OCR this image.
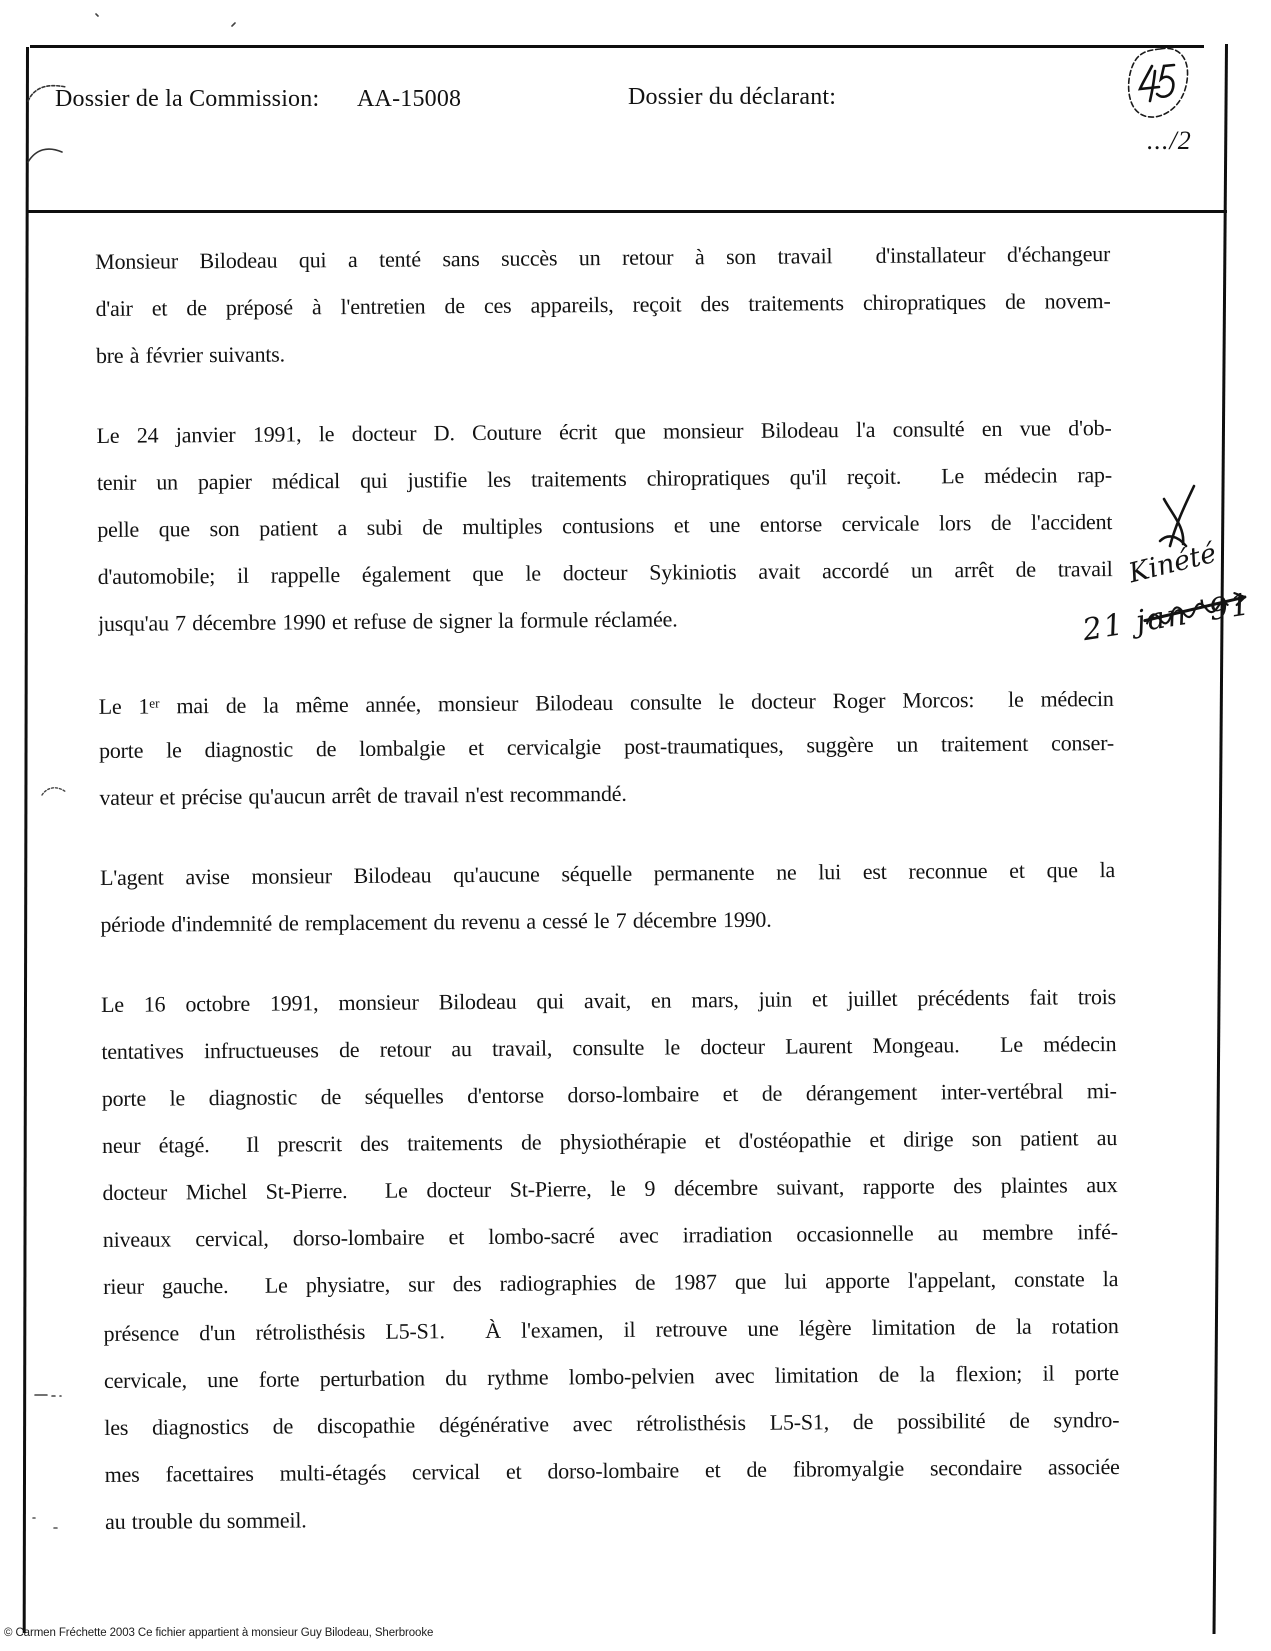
Dossier de la Commission: AA-15008	Dossier du déclarant:
.../2
Monsieur Bilodeau qui a tenté sans succès un retour à son travail  d'installateur d'échangeur
d'air et de préposé à l'entretien de ces appareils, reçoit des traitements chiropratiques de novem-
bre à février suivants.
Le 24 janvier 1991, le docteur D. Couture écrit que monsieur Bilodeau l'a consulté en vue d'ob-
tenir un papier médical qui justifie les traitements chiropratiques qu'il reçoit.  Le médecin rap-
pelle que son patient a subi de multiples contusions et une entorse cervicale lors de l'accident
d'automobile; il rappelle également que le docteur Sykiniotis avait accordé un arrêt de travail
jusqu'au 7 décembre 1990 et refuse de signer la formule réclamée.
Le 1er mai de la même année, monsieur Bilodeau consulte le docteur Roger Morcos:  le médecin
porte le diagnostic de lombalgie et cervicalgie post-traumatiques, suggère un traitement conser-
vateur et précise qu'aucun arrêt de travail n'est recommandé.
L'agent avise monsieur Bilodeau qu'aucune séquelle permanente ne lui est reconnue et que la
période d'indemnité de remplacement du revenu a cessé le 7 décembre 1990.
Le 16 octobre 1991, monsieur Bilodeau qui avait, en mars, juin et juillet précédents fait trois
tentatives infructueuses de retour au travail, consulte le docteur Laurent Mongeau.  Le médecin
porte le diagnostic de séquelles d'entorse dorso-lombaire et de dérangement inter-vertébral mi-
neur étagé.  Il prescrit des traitements de physiothérapie et d'ostéopathie et dirige son patient au
docteur Michel St-Pierre.  Le docteur St-Pierre, le 9 décembre suivant, rapporte des plaintes aux
niveaux cervical, dorso-lombaire et lombo-sacré avec irradiation occasionnelle au membre infé-
rieur gauche.  Le physiatre, sur des radiographies de 1987 que lui apporte l'appelant, constate la
présence d'un rétrolisthésis L5-S1.  À l'examen, il retrouve une légère limitation de la rotation
cervicale, une forte perturbation du rythme lombo-pelvien avec limitation de la flexion; il porte
les diagnostics de discopathie dégénérative avec rétrolisthésis L5-S1, de possibilité de syndro-
mes facettaires multi-étagés cervical et dorso-lombaire et de fibromyalgie secondaire associée
au trouble du sommeil.
Kinété
21 jan '91
© Carmen Fréchette 2003 Ce fichier appartient à monsieur Guy Bilodeau, Sherbrooke
